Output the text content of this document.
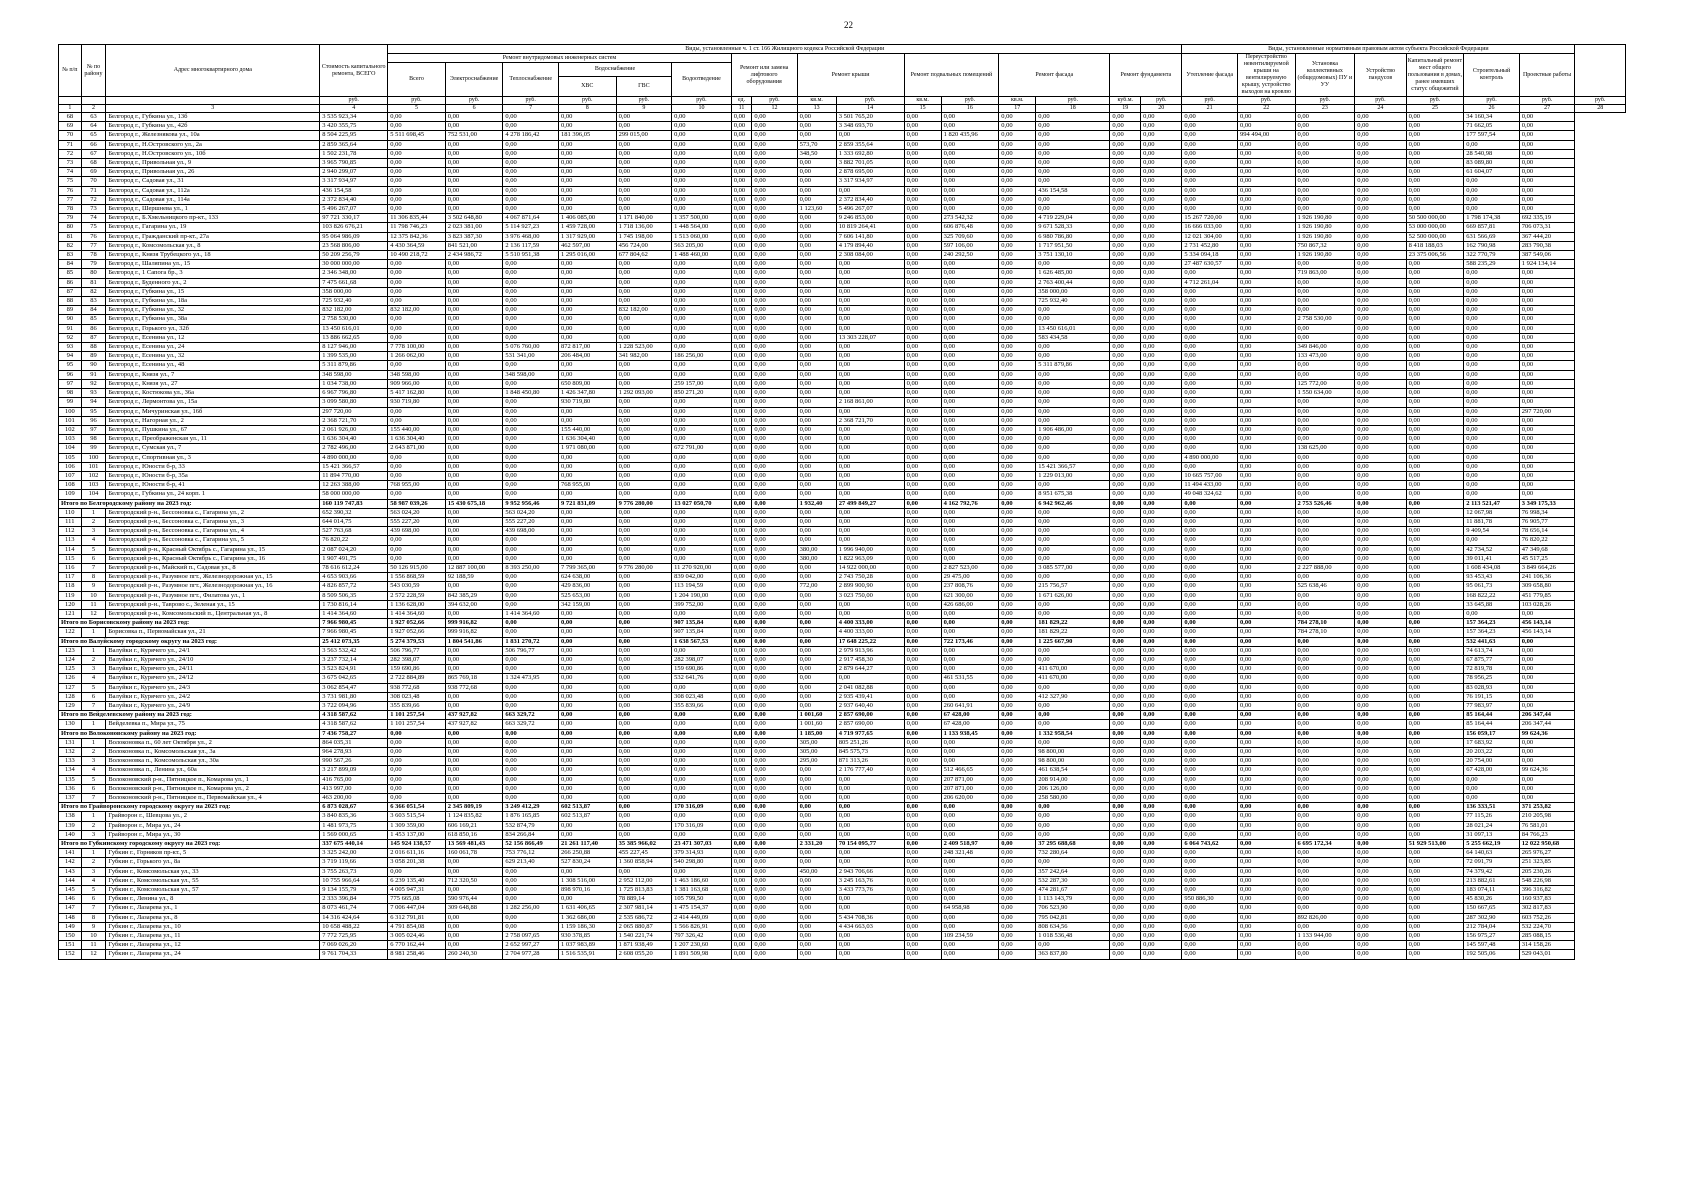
22
№ п/п	№ по району	Адрес многоквартирного дома	Стоимость капитального ремонта, ВСЕГО	Виды, установленные ч. 1 ст. 166 Жилищного кодекса Российской Федерации																Виды, установленные нормативным правовым актом субъекта Российской Федерации							
				Ремонт внутридомовых инженерных систем						Ремонт или замена лифтового оборудования		Ремонт крыши		Ремонт подвальных помещений		Ремонт фасада		Ремонт фундамента		Утепление фасада	Переустройство невентилируемой крыши на вентилируемую крышу, устройство выходов на кровлю	Установка коллективных (общедомовых) ПУ и УУ	Устройство пандусов	Капитальный ремонт мест общего пользования в домах, ранее имевших статус общежитий	Строительный контроль	Проектные работы	
				Всего	Электроснабжение	Теплоснабжение	Водоснабжение		Водоотведение																		
							ХВС	ГВС																			
			руб.	руб.	руб.	руб.	руб.	руб.	руб.	ед.	руб.	кв.м.	руб.	кв.м.	руб.	кв.м.	руб.	куб.м.	руб.	руб.	руб.	руб.	руб.	руб.	руб.	руб.	руб.
1	2	3	4	5	6	7	8	9	10	11	12	13	14	15	16	17	18	19	20	21	22	23	24	25	26	27	28
68	63	Белгород г., Губкина ул., 13б	3 535 923,34	0,00	0,00	0,00	0,00	0,00	0,00	0,00	0,00	0,00	3 501 765,20	0,00	0,00	0,00	0,00	0,00	0,00	0,00	0,00	0,00	0,00	0,00	34 160,34	0,00	
69	64	Белгород г., Губкина ул., 42б	3 420 355,75	0,00	0,00	0,00	0,00	0,00	0,00	0,00	0,00	0,00	3 348 693,70	0,00	0,00	0,00	0,00	0,00	0,00	0,00	0,00	0,00	0,00	0,00	71 662,05	0,00	
70	65	Белгород г., Железнякова ул., 10а	8 504 225,95	5 511 698,45	752 531,00	4 278 186,42	181 396,05	299 015,00	0,00	0,00	0,00	0,00	0,00	0,00	1 820 435,96	0,00	0,00	0,00	0,00	0,00	994 494,00	0,00	0,00	0,00	177 597,54	0,00	
71	66	Белгород г., Н.Островского ул., 2а	2 859 365,64	0,00	0,00	0,00	0,00	0,00	0,00	0,00	0,00	573,70	2 859 355,64	0,00	0,00	0,00	0,00	0,00	0,00	0,00	0,00	0,00	0,00	0,00	0,00	0,00	
72	67	Белгород г., Н.Островского ул., 10б	1 502 231,78	0,00	0,00	0,00	0,00	0,00	0,00	0,00	0,00	348,50	1 333 692,80	0,00	0,00	0,00	0,00	0,00	0,00	0,00	0,00	0,00	0,00	0,00	28 540,98	0,00	
73	68	Белгород г., Привольная ул., 9	3 965 790,85	0,00	0,00	0,00	0,00	0,00	0,00	0,00	0,00	0,00	3 882 701,05	0,00	0,00	0,00	0,00	0,00	0,00	0,00	0,00	0,00	0,00	0,00	83 089,80	0,00	
74	69	Белгород г., Привольная ул., 26	2 940 299,07	0,00	0,00	0,00	0,00	0,00	0,00	0,00	0,00	0,00	2 878 695,00	0,00	0,00	0,00	0,00	0,00	0,00	0,00	0,00	0,00	0,00	0,00	61 604,07	0,00	
75	70	Белгород г., Садовая ул., 31	3 317 934,97	0,00	0,00	0,00	0,00	0,00	0,00	0,00	0,00	0,00	3 317 934,97	0,00	0,00	0,00	0,00	0,00	0,00	0,00	0,00	0,00	0,00	0,00	0,00	0,00	
76	71	Белгород г., Садовая ул., 112а	436 154,58	0,00	0,00	0,00	0,00	0,00	0,00	0,00	0,00	0,00	0,00	0,00	0,00	0,00	436 154,58	0,00	0,00	0,00	0,00	0,00	0,00	0,00	0,00	0,00	
77	72	Белгород г., Садовая ул., 114а	2 372 834,40	0,00	0,00	0,00	0,00	0,00	0,00	0,00	0,00	0,00	2 372 834,40	0,00	0,00	0,00	0,00	0,00	0,00	0,00	0,00	0,00	0,00	0,00	0,00	0,00	
78	73	Белгород г., Шершнева ул., 1	5 496 267,07	0,00	0,00	0,00	0,00	0,00	0,00	0,00	0,00	1 123,60	5 496 267,07	0,00	0,00	0,00	0,00	0,00	0,00	0,00	0,00	0,00	0,00	0,00	0,00	0,00	
79	74	Белгород г., Б.Хмельницкого пр-кт., 133	97 721 330,17	11 306 835,44	3 502 648,80	4 067 871,64	1 406 085,00	1 171 840,00	1 357 500,00	0,00	0,00	0,00	9 246 853,00	0,00	273 542,32	0,00	4 719 229,04	0,00	0,00	15 267 720,00	0,00	1 926 190,80	0,00	50 500 000,00	1 798 174,38	692 335,19	
80	75	Белгород г., Гагарина ул., 19	103 826 676,21	11 798 746,23	2 023 381,00	5 114 927,23	1 459 728,00	1 718 136,00	1 448 564,00	0,00	0,00	0,00	10 819 264,41	0,00	606 876,48	0,00	9 671 528,33	0,00	0,00	16 666 033,00	0,00	1 926 190,80	0,00	53 000 000,00	669 857,81	706 073,31	
81	76	Белгород г., Гражданский пр-кт., 27а	95 064 986,09	12 375 842,36	3 823 387,30	3 976 468,00	1 317 929,00	1 745 198,00	1 513 060,00	0,00	0,00	0,00	7 606 141,80	0,00	325 709,60	0,00	6 980 786,80	0,00	0,00	12 021 304,00	0,00	1 926 190,80	0,00	52 500 000,00	631 566,69	367 444,20	
82	77	Белгород г., Комсомольская ул., 8	23 568 806,00	4 430 364,59	841 521,00	2 136 117,59	462 597,00	456 724,00	563 205,00	0,00	0,00	0,00	4 179 894,40	0,00	597 106,00	0,00	1 717 951,50	0,00	0,00	2 731 452,80	0,00	750 867,32	0,00	8 418 188,03	162 790,98	283 790,38	
83	78	Белгород г., Князя Трубецкого ул., 18	50 209 256,79	10 490 218,72	2 434 986,72	5 510 951,38	1 295 016,00	677 804,62	1 488 460,00	0,00	0,00	0,00	2 308 084,00	0,00	240 292,50	0,00	3 751 130,10	0,00	0,00	5 334 094,18	0,00	1 926 190,80	0,00	23 375 006,56	322 770,79	387 549,06	
84	79	Белгород г., Шаляпина ул., 15	30 000 000,00	0,00	0,00	0,00	0,00	0,00	0,00	0,00	0,00	0,00	0,00	0,00	0,00	0,00	0,00	0,00	0,00	27 487 630,57	0,00	0,00	0,00	0,00	588 235,29	1 924 134,14	
85	80	Белгород г., 1 Сапога бр., 3	2 346 348,00	0,00	0,00	0,00	0,00	0,00	0,00	0,00	0,00	0,00	0,00	0,00	0,00	0,00	1 626 485,00	0,00	0,00	0,00	0,00	719 863,00	0,00	0,00	0,00	0,00	
86	81	Белгород г., Буденного ул., 2	7 475 661,68	0,00	0,00	0,00	0,00	0,00	0,00	0,00	0,00	0,00	0,00	0,00	0,00	0,00	2 763 400,44	0,00	0,00	4 712 261,04	0,00	0,00	0,00	0,00	0,00	0,00	
87	82	Белгород г., Губкина ул., 15	358 000,00	0,00	0,00	0,00	0,00	0,00	0,00	0,00	0,00	0,00	0,00	0,00	0,00	0,00	358 000,00	0,00	0,00	0,00	0,00	0,00	0,00	0,00	0,00	0,00	
88	83	Белгород г., Губкина ул., 18а	725 932,40	0,00	0,00	0,00	0,00	0,00	0,00	0,00	0,00	0,00	0,00	0,00	0,00	0,00	725 932,40	0,00	0,00	0,00	0,00	0,00	0,00	0,00	0,00	0,00	
89	84	Белгород г., Губкина ул., 32	832 182,00	832 182,00	0,00	0,00	0,00	832 182,00	0,00	0,00	0,00	0,00	0,00	0,00	0,00	0,00	0,00	0,00	0,00	0,00	0,00	0,00	0,00	0,00	0,00	0,00	
90	85	Белгород г., Губкина ул., 38а	2 758 530,00	0,00	0,00	0,00	0,00	0,00	0,00	0,00	0,00	0,00	0,00	0,00	0,00	0,00	0,00	0,00	0,00	0,00	0,00	2 758 530,00	0,00	0,00	0,00	0,00	
91	86	Белгород г., Горького ул., 32б	13 450 616,01	0,00	0,00	0,00	0,00	0,00	0,00	0,00	0,00	0,00	0,00	0,00	0,00	0,00	13 450 616,01	0,00	0,00	0,00	0,00	0,00	0,00	0,00	0,00	0,00	
92	87	Белгород г., Есенина ул., 12	13 886 662,65	0,00	0,00	0,00	0,00	0,00	0,00	0,00	0,00	0,00	13 303 228,07	0,00	0,00	0,00	583 434,58	0,00	0,00	0,00	0,00	0,00	0,00	0,00	0,00	0,00	
93	88	Белгород г., Есенина ул., 24	8 127 946,00	7 778 100,00	0,00	5 076 760,00	872 817,00	1 228 523,00	0,00	0,00	0,00	0,00	0,00	0,00	0,00	0,00	0,00	0,00	0,00	0,00	0,00	349 846,00	0,00	0,00	0,00	0,00	
94	89	Белгород г., Есенина ул., 32	1 399 535,00	1 266 062,00	0,00	531 341,00	206 484,00	341 982,00	186 256,00	0,00	0,00	0,00	0,00	0,00	0,00	0,00	0,00	0,00	0,00	0,00	0,00	133 473,00	0,00	0,00	0,00	0,00	
95	90	Белгород г., Есенина ул., 48	5 311 879,86	0,00	0,00	0,00	0,00	0,00	0,00	0,00	0,00	0,00	0,00	0,00	0,00	0,00	5 311 879,86	0,00	0,00	0,00	0,00	0,00	0,00	0,00	0,00	0,00	
96	91	Белгород г., Князя ул., 7	348 598,00	348 598,00	0,00	348 598,00	0,00	0,00	0,00	0,00	0,00	0,00	0,00	0,00	0,00	0,00	0,00	0,00	0,00	0,00	0,00	0,00	0,00	0,00	0,00	0,00	
97	92	Белгород г., Князя ул., 27	1 034 738,00	909 966,00	0,00	0,00	650 809,00	0,00	259 157,00	0,00	0,00	0,00	0,00	0,00	0,00	0,00	0,00	0,00	0,00	0,00	0,00	125 772,00	0,00	0,00	0,00	0,00	
98	93	Белгород г., Костюкова ул., 36а	6 967 796,80	5 417 162,80	0,00	1 848 450,80	1 426 347,80	1 292 093,00	850 271,20	0,00	0,00	0,00	0,00	0,00	0,00	0,00	0,00	0,00	0,00	0,00	0,00	1 550 634,00	0,00	0,00	0,00	0,00	
99	94	Белгород г., Лермонтова ул., 15а	3 099 580,80	930 719,80	0,00	0,00	930 719,80	0,00	0,00	0,00	0,00	0,00	2 168 861,00	0,00	0,00	0,00	0,00	0,00	0,00	0,00	0,00	0,00	0,00	0,00	0,00	0,00	
100	95	Белгород г., Мичуринская ул., 16б	297 720,00	0,00	0,00	0,00	0,00	0,00	0,00	0,00	0,00	0,00	0,00	0,00	0,00	0,00	0,00	0,00	0,00	0,00	0,00	0,00	0,00	0,00	0,00	297 720,00	
101	96	Белгород г., Нагорная ул., 2	2 368 721,70	0,00	0,00	0,00	0,00	0,00	0,00	0,00	0,00	0,00	2 368 721,70	0,00	0,00	0,00	0,00	0,00	0,00	0,00	0,00	0,00	0,00	0,00	0,00	0,00	
102	97	Белгород г., Пушкина ул., 67	2 061 926,00	155 440,00	0,00	0,00	155 440,00	0,00	0,00	0,00	0,00	0,00	0,00	0,00	0,00	0,00	1 906 486,00	0,00	0,00	0,00	0,00	0,00	0,00	0,00	0,00	0,00	
103	98	Белгород г., Преображенская ул., 11	1 636 304,40	1 636 304,40	0,00	0,00	1 636 304,40	0,00	0,00	0,00	0,00	0,00	0,00	0,00	0,00	0,00	0,00	0,00	0,00	0,00	0,00	0,00	0,00	0,00	0,00	0,00	
104	99	Белгород г., Сумская ул., 7	2 782 496,00	2 643 871,00	0,00	0,00	1 971 080,00	0,00	672 791,00	0,00	0,00	0,00	0,00	0,00	0,00	0,00	0,00	0,00	0,00	0,00	0,00	138 625,00	0,00	0,00	0,00	0,00	
105	100	Белгород г., Спортивная ул., 3	4 890 000,00	0,00	0,00	0,00	0,00	0,00	0,00	0,00	0,00	0,00	0,00	0,00	0,00	0,00	0,00	0,00	0,00	4 890 000,00	0,00	0,00	0,00	0,00	0,00	0,00	
106	101	Белгород г., Юности б-р, 33	15 421 366,57	0,00	0,00	0,00	0,00	0,00	0,00	0,00	0,00	0,00	0,00	0,00	0,00	0,00	15 421 366,57	0,00	0,00	0,00	0,00	0,00	0,00	0,00	0,00	0,00	
107	102	Белгород г., Юности б-р, 35а	11 894 770,00	0,00	0,00	0,00	0,00	0,00	0,00	0,00	0,00	0,00	0,00	0,00	0,00	0,00	1 229 013,00	0,00	0,00	10 665 757,00	0,00	0,00	0,00	0,00	0,00	0,00	
108	103	Белгород г., Юности б-р, 41	12 263 388,00	768 955,00	0,00	0,00	768 955,00	0,00	0,00	0,00	0,00	0,00	0,00	0,00	0,00	0,00	0,00	0,00	0,00	11 494 433,00	0,00	0,00	0,00	0,00	0,00	0,00	
109	104	Белгород г., Губкина ул., 24 корп. 1	58 000 000,00	0,00	0,00	0,00	0,00	0,00	0,00	0,00	0,00	0,00	0,00	0,00	0,00	0,00	8 951 675,38	0,00	0,00	49 048 324,62	0,00	0,00	0,00	0,00	0,00	0,00	
Итого по Белгородскому району на 2023 год:			160 119 747,83	58 987 039,26	15 430 675,18	9 952 956,46	9 721 831,09	9 776 280,00	13 027 050,70	0,00	0,00	1 932,40	27 499 849,27	0,00	4 162 792,76	0,00	6 942 962,46	0,00	0,00	0,00	0,00	2 753 526,46	0,00	0,00	2 113 521,47	3 349 175,33	
110	1	Белгородский р-н., Бессоновка с., Гагарина ул., 2	652 390,32	563 024,20	0,00	563 024,20	0,00	0,00	0,00	0,00	0,00	0,00	0,00	0,00	0,00	0,00	0,00	0,00	0,00	0,00	0,00	0,00	0,00	0,00	12 067,98	76 998,34	
111	2	Белгородский р-н., Бессоновка с., Гагарина ул., 3	644 014,75	555 227,20	0,00	555 227,20	0,00	0,00	0,00	0,00	0,00	0,00	0,00	0,00	0,00	0,00	0,00	0,00	0,00	0,00	0,00	0,00	0,00	0,00	11 881,78	76 905,77	
112	3	Белгородский р-н., Бессоновка с., Гагарина ул., 4	527 763,68	439 698,00	0,00	439 698,00	0,00	0,00	0,00	0,00	0,00	0,00	0,00	0,00	0,00	0,00	0,00	0,00	0,00	0,00	0,00	0,00	0,00	0,00	9 409,54	78 656,14	
113	4	Белгородский р-н., Бессоновка с., Гагарина ул., 5	76 820,22	0,00	0,00	0,00	0,00	0,00	0,00	0,00	0,00	0,00	0,00	0,00	0,00	0,00	0,00	0,00	0,00	0,00	0,00	0,00	0,00	0,00	0,00	76 820,22	
114	5	Белгородский р-н., Красный Октябрь с., Гагарина ул., 15	2 087 024,20	0,00	0,00	0,00	0,00	0,00	0,00	0,00	0,00	380,00	1 996 940,00	0,00	0,00	0,00	0,00	0,00	0,00	0,00	0,00	0,00	0,00	0,00	42 734,52	47 349,68	
115	6	Белгородский р-н., Красный Октябрь с., Гагарина ул., 16	1 907 491,75	0,00	0,00	0,00	0,00	0,00	0,00	0,00	0,00	380,00	1 822 963,09	0,00	0,00	0,00	0,00	0,00	0,00	0,00	0,00	0,00	0,00	0,00	39 011,41	45 517,25	
116	7	Белгородский р-н., Майский п., Садовая ул., 8	78 616 612,24	50 126 915,00	12 887 100,00	8 393 250,00	7 799 365,00	9 776 280,00	11 270 920,00	0,00	0,00	0,00	14 922 000,00	0,00	2 827 523,00	0,00	3 085 577,00	0,00	0,00	0,00	0,00	2 227 888,00	0,00	0,00	1 608 434,08	3 849 664,26	
117	8	Белгородский р-н., Разумное пгт., Железнодорожная ул., 15	4 653 903,66	1 556 868,59	92 188,59	0,00	624 638,00	0,00	839 042,00	0,00	0,00	0,00	2 743 750,28	0,00	29 475,00	0,00	0,00	0,00	0,00	0,00	0,00	0,00	0,00	0,00	93 453,43	241 106,36	
118	9	Белгородский р-н., Разумное пгт., Железнодорожная ул., 16	4 826 857,72	543 030,59	0,00	0,00	429 836,00	0,00	113 194,59	0,00	0,00	772,00	2 899 900,90	0,00	237 808,76	0,00	215 756,57	0,00	0,00	0,00	0,00	525 638,46	0,00	0,00	95 061,73	309 658,80	
119	10	Белгородский р-н., Разумное пгт., Филатова ул., 1	8 509 506,35	2 572 228,59	842 385,29	0,00	525 653,00	0,00	1 204 190,00	0,00	0,00	0,00	3 023 750,00	0,00	621 300,00	0,00	1 671 626,00	0,00	0,00	0,00	0,00	0,00	0,00	0,00	168 822,22	451 779,85	
120	11	Белгородский р-н., Таврово с., Зеленая ул., 15	1 730 816,14	1 136 628,00	394 632,00	0,00	342 159,00	0,00	399 752,00	0,00	0,00	0,00	0,00	0,00	426 686,00	0,00	0,00	0,00	0,00	0,00	0,00	0,00	0,00	0,00	33 645,88	103 028,26	
121	12	Белгородский р-н., Комсомольский п., Центральная ул., 8	1 414 364,60	1 414 364,60	0,00	1 414 364,60	0,00	0,00	0,00	0,00	0,00	0,00	0,00	0,00	0,00	0,00	0,00	0,00	0,00	0,00	0,00	0,00	0,00	0,00	0,00	0,00	
Итого по Борисовскому району на 2023 год:			7 966 980,45	1 927 052,66	999 916,82	0,00	0,00	0,00	907 135,84	0,00	0,00	0,00	4 400 333,00	0,00	0,00	0,00	181 829,22	0,00	0,00	0,00	0,00	784 278,10	0,00	0,00	157 364,23	456 143,14	
122	1	Борисовка п., Первомайская ул., 21	7 966 980,45	1 927 052,66	999 916,82	0,00	0,00	0,00	907 135,84	0,00	0,00	0,00	4 400 333,00	0,00	0,00	0,00	181 829,22	0,00	0,00	0,00	0,00	784 278,10	0,00	0,00	157 364,23	456 143,14	
Итого по Валуйскому городскому округу на 2023 год:			25 412 073,35	5 274 379,53	1 804 541,86	1 831 270,72	0,00	0,00	1 638 567,53	0,00	0,00	0,00	17 648 225,22	0,00	722 173,46	0,00	1 225 667,90	0,00	0,00	0,00	0,00	0,00	0,00	0,00	532 441,63	0,00	
123	1	Валуйки г., Курячего ул., 24/1	3 563 532,42	506 796,77	0,00	506 796,77	0,00	0,00	0,00	0,00	0,00	0,00	2 979 913,96	0,00	0,00	0,00	0,00	0,00	0,00	0,00	0,00	0,00	0,00	0,00	74 613,74	0,00	
124	2	Валуйки г., Курячего ул., 24/10	3 237 732,14	282 398,07	0,00	0,00	0,00	0,00	282 398,07	0,00	0,00	0,00	2 917 458,30	0,00	0,00	0,00	0,00	0,00	0,00	0,00	0,00	0,00	0,00	0,00	67 875,77	0,00	
125	3	Валуйки г., Курячего ул., 24/11	3 523 824,91	159 690,86	0,00	0,00	0,00	0,00	159 690,86	0,00	0,00	0,00	2 879 644,27	0,00	0,00	0,00	411 670,00	0,00	0,00	0,00	0,00	0,00	0,00	0,00	72 819,78	0,00	
126	4	Валуйки г., Курячего ул., 24/12	3 675 042,65	2 722 884,89	865 769,18	1 324 473,95	0,00	0,00	532 641,76	0,00	0,00	0,00	0,00	0,00	461 531,55	0,00	411 670,00	0,00	0,00	0,00	0,00	0,00	0,00	0,00	78 956,25	0,00	
127	5	Валуйки г., Курячего ул., 24/3	3 062 854,47	938 772,68	938 772,68	0,00	0,00	0,00	0,00	0,00	0,00	0,00	2 041 082,88	0,00	0,00	0,00	0,00	0,00	0,00	0,00	0,00	0,00	0,00	0,00	83 028,93	0,00	
128	6	Валуйки г., Курячего ул., 24/2	3 731 981,80	308 023,48	0,00	0,00	0,00	0,00	308 023,48	0,00	0,00	0,00	2 935 439,41	0,00	0,00	0,00	412 327,90	0,00	0,00	0,00	0,00	0,00	0,00	0,00	76 191,15	0,00	
129	7	Валуйки г., Курячего ул., 24/9	3 722 094,96	355 839,66	0,00	0,00	0,00	0,00	355 839,66	0,00	0,00	0,00	2 937 640,40	0,00	260 641,91	0,00	0,00	0,00	0,00	0,00	0,00	0,00	0,00	0,00	77 983,97	0,00	
Итого по Вейделевскому району на 2023 год:			4 318 587,62	1 101 257,54	437 927,82	663 329,72	0,00	0,00	0,00	0,00	0,00	1 001,60	2 857 690,00	0,00	67 428,00	0,00	0,00	0,00	0,00	0,00	0,00	0,00	0,00	0,00	85 164,44	206 347,44	
130	1	Вейделевка п., Мира ул., 75	4 318 587,62	1 101 257,54	437 927,82	663 329,72	0,00	0,00	0,00	0,00	0,00	1 001,60	2 857 690,00	0,00	67 428,00	0,00	0,00	0,00	0,00	0,00	0,00	0,00	0,00	0,00	85 164,44	206 347,44	
Итого по Волоконовскому району на 2023 год:			7 436 758,27	0,00	0,00	0,00	0,00	0,00	0,00	0,00	0,00	1 185,00	4 719 977,65	0,00	1 133 938,45	0,00	1 332 958,54	0,00	0,00	0,00	0,00	0,00	0,00	0,00	156 059,17	99 624,36	
131	1	Волоконовка п., 60 лет Октября ул., 2	864 035,31	0,00	0,00	0,00	0,00	0,00	0,00	0,00	0,00	305,00	805 251,26	0,00	0,00	0,00	0,00	0,00	0,00	0,00	0,00	0,00	0,00	0,00	17 683,92	0,00	
132	2	Волоконовка п., Комсомольская ул., 3а	964 278,93	0,00	0,00	0,00	0,00	0,00	0,00	0,00	0,00	305,00	845 575,73	0,00	0,00	0,00	98 800,00	0,00	0,00	0,00	0,00	0,00	0,00	0,00	20 203,22	0,00	
133	3	Волоконовка п., Комсомольская ул., 30а	990 567,26	0,00	0,00	0,00	0,00	0,00	0,00	0,00	0,00	295,00	871 313,26	0,00	0,00	0,00	98 800,00	0,00	0,00	0,00	0,00	0,00	0,00	0,00	20 754,00	0,00	
134	4	Волоконовка п., Ленина ул., 60а	3 217 899,09	0,00	0,00	0,00	0,00	0,00	0,00	0,00	0,00	0,00	2 176 777,40	0,00	512 466,65	0,00	461 638,54	0,00	0,00	0,00	0,00	0,00	0,00	0,00	67 428,00	99 624,36	
135	5	Волоконовский р-н., Пятницкое п., Комарова ул., 1	416 765,00	0,00	0,00	0,00	0,00	0,00	0,00	0,00	0,00	0,00	0,00	0,00	207 871,00	0,00	208 914,00	0,00	0,00	0,00	0,00	0,00	0,00	0,00	0,00	0,00	
136	6	Волоконовский р-н., Пятницкое п., Комарова ул., 2	413 997,00	0,00	0,00	0,00	0,00	0,00	0,00	0,00	0,00	0,00	0,00	0,00	207 871,00	0,00	206 126,00	0,00	0,00	0,00	0,00	0,00	0,00	0,00	0,00	0,00	
137	7	Волоконовский р-н., Пятницкое п., Первомайская ул., 4	463 200,00	0,00	0,00	0,00	0,00	0,00	0,00	0,00	0,00	0,00	0,00	0,00	206 620,00	0,00	258 580,00	0,00	0,00	0,00	0,00	0,00	0,00	0,00	0,00	0,00	
Итого по Грайворонскому городскому округу на 2023 год:			6 873 028,67	6 366 051,54	2 345 809,19	3 249 412,29	602 513,87	0,00	170 316,09	0,00	0,00	0,00	0,00	0,00	0,00	0,00	0,00	0,00	0,00	0,00	0,00	0,00	0,00	0,00	136 333,51	371 253,82	
138	1	Грайворон г., Шевцова ул., 2	3 840 835,36	3 603 515,54	1 124 835,82	1 876 165,85	602 513,87	0,00	0,00	0,00	0,00	0,00	0,00	0,00	0,00	0,00	0,00	0,00	0,00	0,00	0,00	0,00	0,00	0,00	77 115,26	210 205,98	
139	2	Грайворон г., Мира ул., 24	1 481 973,75	1 309 359,00	606 169,21	532 874,79	0,00	0,00	170 316,09	0,00	0,00	0,00	0,00	0,00	0,00	0,00	0,00	0,00	0,00	0,00	0,00	0,00	0,00	0,00	28 021,24	76 581,01	
140	3	Грайворон г., Мира ул., 30	1 569 000,65	1 453 137,00	618 850,16	834 266,84	0,00	0,00	0,00	0,00	0,00	0,00	0,00	0,00	0,00	0,00	0,00	0,00	0,00	0,00	0,00	0,00	0,00	0,00	31 097,13	84 766,23	
Итого по Губкинскому городскому округу на 2023 год:			337 675 440,14	145 924 138,57	13 569 481,43	52 156 866,49	21 261 117,40	35 385 966,02	23 471 307,03	0,00	0,00	2 331,20	70 154 095,77	0,00	2 409 518,97	0,00	37 295 688,68	0,00	0,00	6 064 743,62	0,00	6 695 172,34	0,00	51 929 513,00	5 255 662,19	12 022 950,68	
141	1	Губкин г., Горняков пр-кт., 5	3 325 242,00	2 016 611,16	160 061,78	753 776,12	266 250,88	455 227,45	379 314,93	0,00	0,00	0,00	0,00	0,00	248 321,48	0,00	732 280,64	0,00	0,00	0,00	0,00	0,00	0,00	0,00	64 140,63	265 976,27	
142	2	Губкин г., Горького ул., 8а	3 719 119,66	3 058 201,38	0,00	629 213,40	527 830,24	1 360 858,94	540 298,80	0,00	0,00	0,00	0,00	0,00	0,00	0,00	0,00	0,00	0,00	0,00	0,00	0,00	0,00	0,00	72 091,79	251 323,85	
143	3	Губкин г., Комсомольская ул., 33	3 755 263,73	0,00	0,00	0,00	0,00	0,00	0,00	0,00	0,00	450,00	2 943 706,66	0,00	0,00	0,00	357 242,64	0,00	0,00	0,00	0,00	0,00	0,00	0,00	74 379,42	205 230,26	
144	4	Губкин г., Комсомольская ул., 55	10 755 966,64	6 239 135,40	712 320,50	0,00	1 308 516,00	2 952 112,00	1 463 186,60	0,00	0,00	0,00	3 245 163,76	0,00	0,00	0,00	532 287,30	0,00	0,00	0,00	0,00	0,00	0,00	0,00	213 882,61	548 226,98	
145	5	Губкин г., Комсомольская ул., 57	9 134 155,79	4 005 947,31	0,00	0,00	898 970,16	1 725 813,83	1 381 163,68	0,00	0,00	0,00	3 433 773,76	0,00	0,00	0,00	474 281,67	0,00	0,00	0,00	0,00	0,00	0,00	0,00	183 074,11	396 316,82	
146	6	Губкин г., Ленина ул., 8	2 333 396,84	775 665,08	590 976,44	0,00	0,00	78 889,14	105 799,50	0,00	0,00	0,00	0,00	0,00	0,00	0,00	1 113 143,79	0,00	0,00	950 886,30	0,00	0,00	0,00	0,00	45 830,26	160 937,83	
147	7	Губкин г., Лазарева ул., 1	8 073 461,74	7 006 447,04	309 648,88	1 282 256,00	1 631 406,65	2 307 981,14	1 475 154,37	0,00	0,00	0,00	0,00	0,00	64 958,98	0,00	706 523,90	0,00	0,00	0,00	0,00	0,00	0,00	0,00	150 667,65	302 817,83	
148	8	Губкин г., Лазарева ул., 8	14 316 424,64	6 312 791,81	0,00	0,00	1 362 686,00	2 535 686,72	2 414 449,09	0,00	0,00	0,00	5 434 708,36	0,00	0,00	0,00	795 042,81	0,00	0,00	0,00	0,00	892 826,00	0,00	0,00	287 302,90	603 752,26	
149	9	Губкин г., Лазарева ул., 10	10 658 488,22	4 791 854,08	0,00	0,00	1 159 186,30	2 065 880,87	1 566 826,91	0,00	0,00	0,00	4 434 663,03	0,00	0,00	0,00	808 634,56	0,00	0,00	0,00	0,00	0,00	0,00	0,00	212 784,04	532 224,70	
150	10	Губкин г., Лазарева ул., 11	7 772 725,95	3 005 024,46	0,00	2 758 097,65	930 378,85	1 540 221,74	797 326,42	0,00	0,00	0,00	0,00	0,00	109 234,59	0,00	1 018 536,48	0,00	0,00	0,00	0,00	1 133 944,00	0,00	0,00	156 975,27	285 088,15	
151	11	Губкин г., Лазарева ул., 12	7 069 026,20	6 770 162,44	0,00	2 652 997,27	1 037 983,89	1 871 938,49	1 207 230,60	0,00	0,00	0,00	0,00	0,00	0,00	0,00	0,00	0,00	0,00	0,00	0,00	0,00	0,00	0,00	145 597,48	314 158,26	
152	12	Губкин г., Лазарева ул., 24	9 761 704,33	8 981 258,46	260 240,30	2 704 977,28	1 516 535,91	2 608 055,20	1 891 509,98	0,00	0,00	0,00	0,00	0,00	0,00	0,00	363 837,80	0,00	0,00	0,00	0,00	0,00	0,00	0,00	192 505,06	529 043,01	
